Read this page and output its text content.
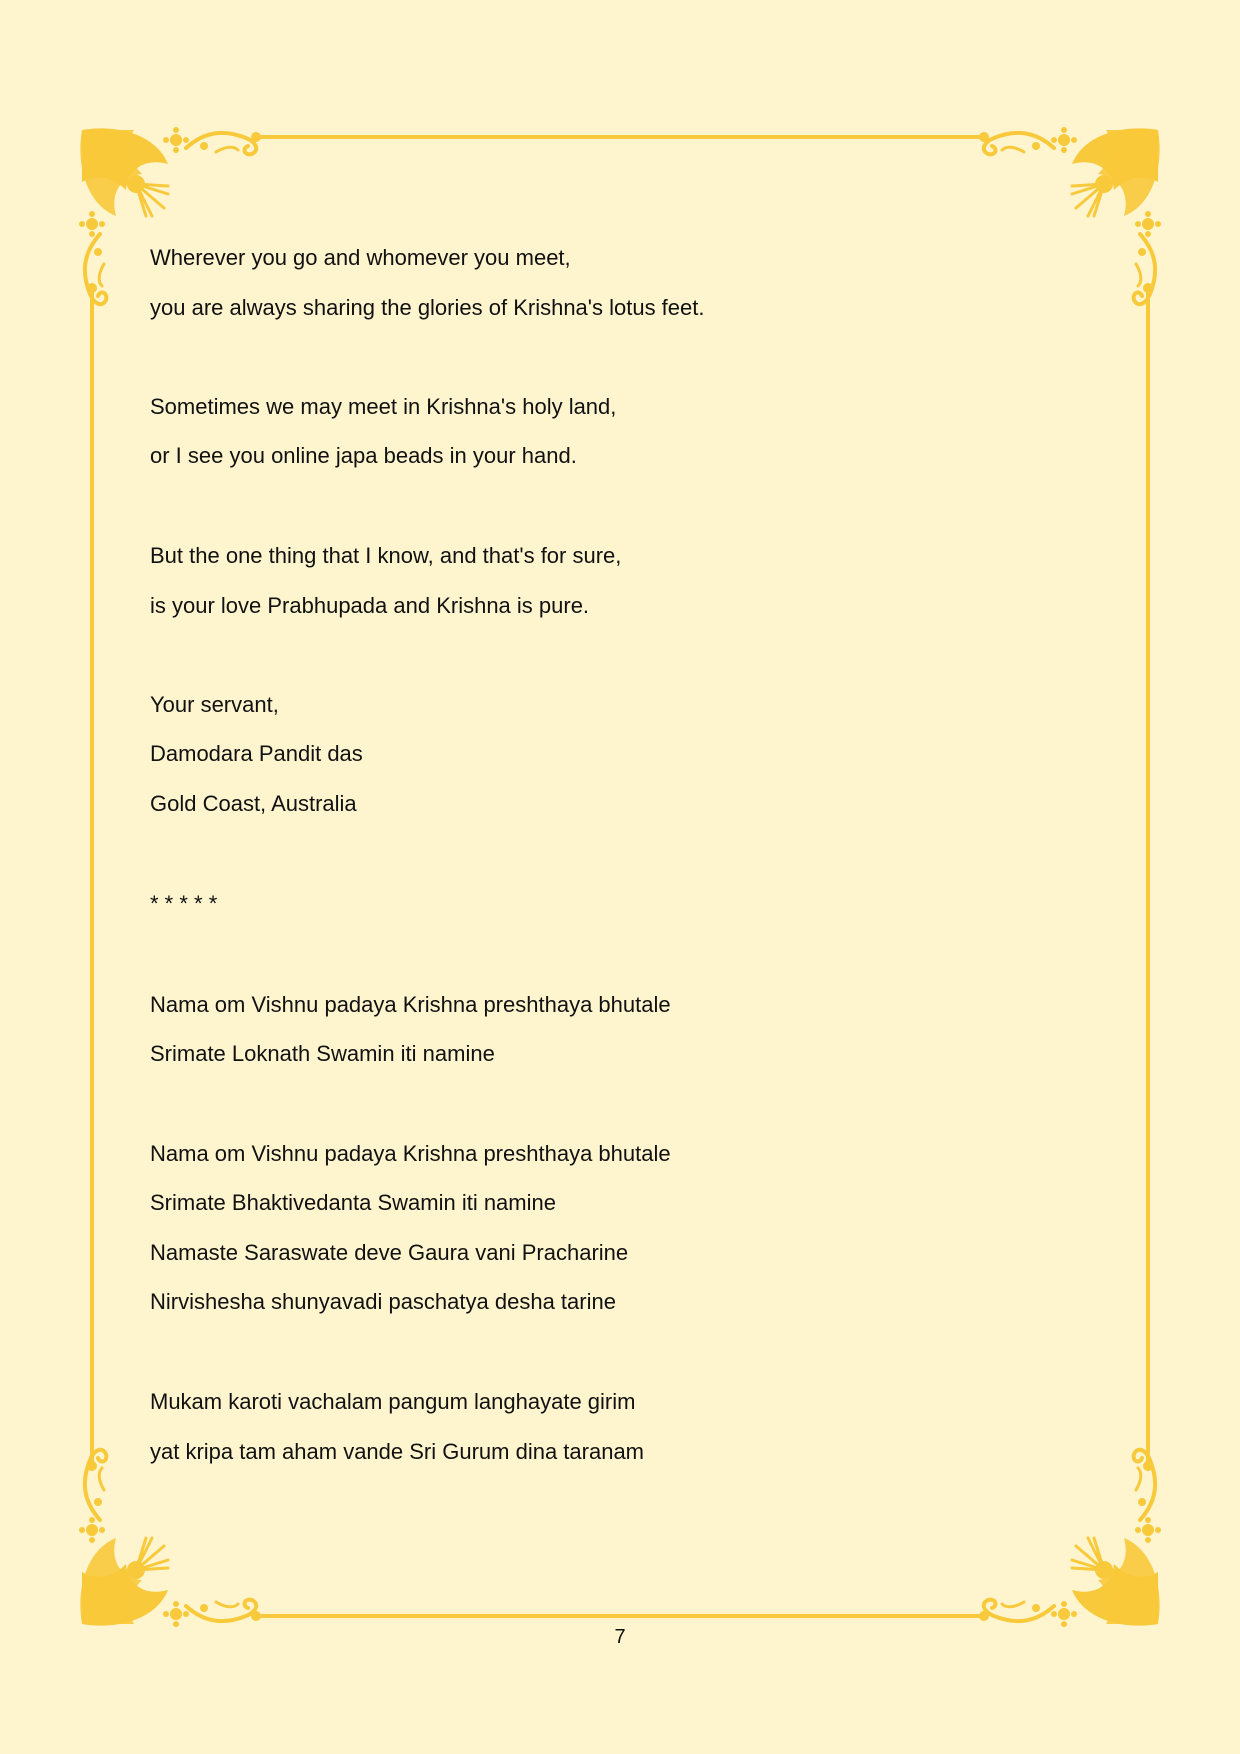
Wherever you go and whomever you meet,
you are always sharing the glories of Krishna's lotus feet.
Sometimes we may meet in Krishna's holy land,
or I see you online japa beads in your hand.
But the one thing that I know, and that's for sure,
is your love Prabhupada and Krishna is pure.
Your servant,
Damodara Pandit das
Gold Coast, Australia
* * * * *
Nama om Vishnu padaya Krishna preshthaya bhutale
Srimate Loknath Swamin iti namine
Nama om Vishnu padaya Krishna preshthaya bhutale
Srimate Bhaktivedanta Swamin iti namine
Namaste Saraswate deve Gaura vani Pracharine
Nirvishesha shunyavadi paschatya desha tarine
Mukam karoti vachalam pangum langhayate girim
yat kripa tam aham vande Sri Gurum dina taranam
7
